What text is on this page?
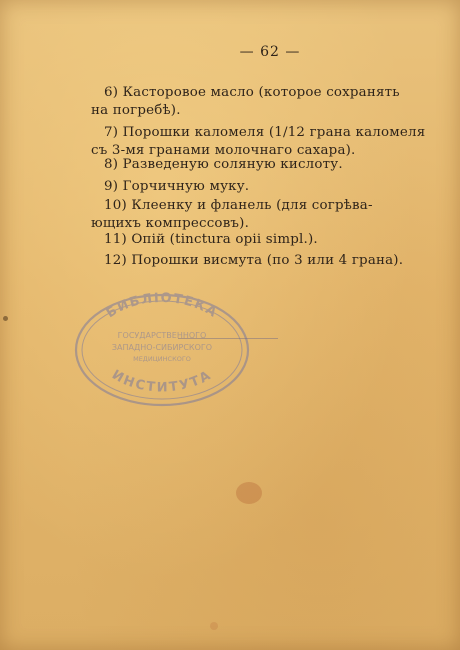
— 62 —
6) Касторовое масло (которое сохранять
на погребѣ).
7) Порошки каломеля (1/12 грана каломеля
съ 3-мя гранами молочнаго сахара).
8) Разведеную соляную кислоту.
9) Горчичную муку.
10) Клеенку и фланель (для согрѣва-
ющихъ компрессовъ).
11) Опій (tinctura opii simpl.).
12) Порошки висмута (по 3 или 4 грана).
БИБЛІОТЕКА
ГОСУДАРСТВЕННОГО
ЗАПАДНО-СИБИРСКОГО
МЕДИЦИНСКОГО
ИНСТИТУТА
